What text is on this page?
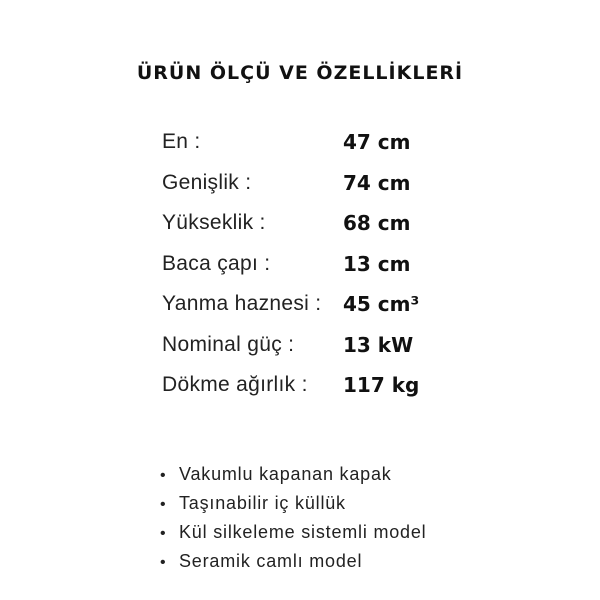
ÜRÜN ÖLÇÜ VE ÖZELLİKLERİ
En :	47 cm
Genişlik :	74 cm
Yükseklik :	68 cm
Baca çapı :	13 cm
Yanma haznesi : 45 cm³
Nominal güç : 13 kW
Dökme ağırlık : 117 kg
• Vakumlu kapanan kapak
• Taşınabilir iç küllük
• Kül silkeleme sistemli model
• Seramik camlı model
